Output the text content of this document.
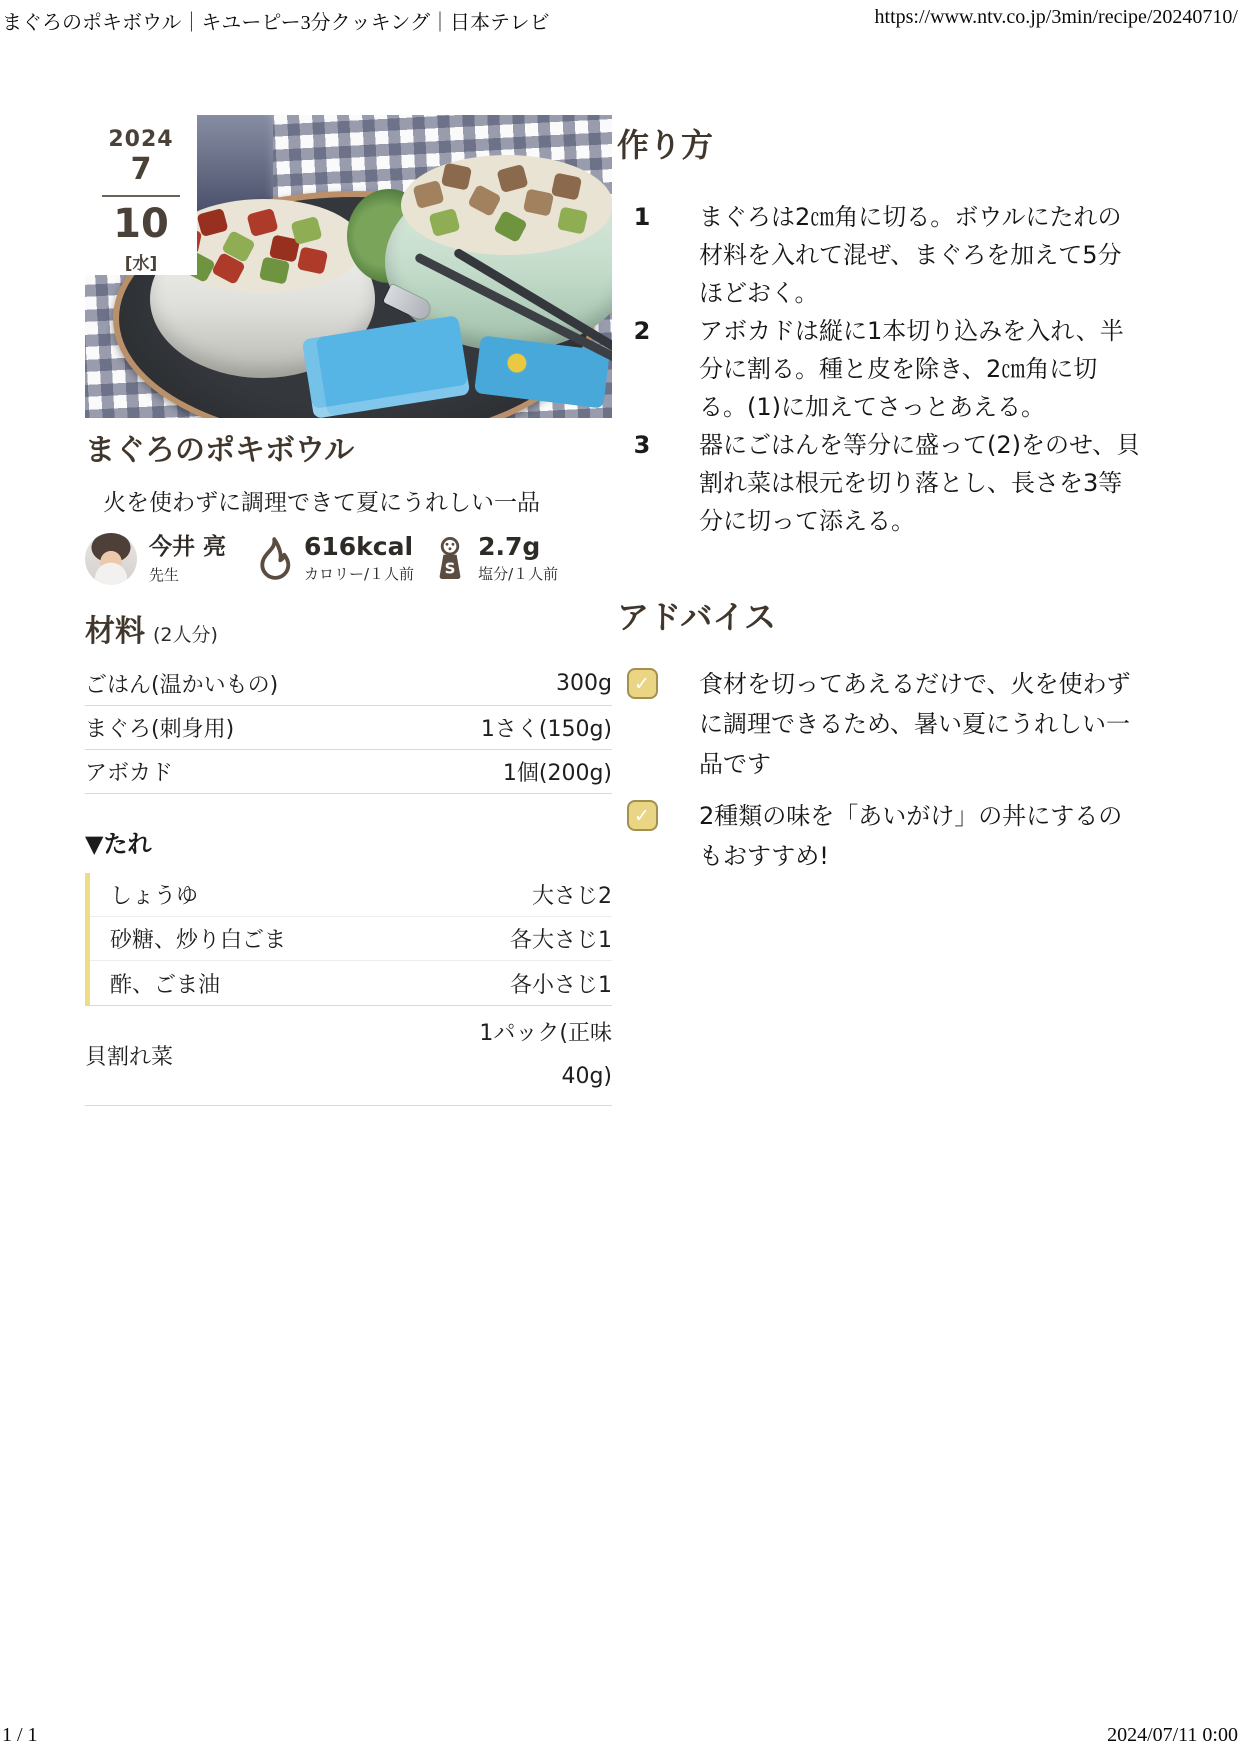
まぐろのポキボウル｜キユーピー3分クッキング｜日本テレビ	https://www.ntv.co.jp/3min/recipe/20240710/
2024
7
10
[水]
まぐろのポキボウル

火を使わずに調理できて夏にうれしい一品

今井 亮
先生
616kcal
カロリー/１人前	S
2.7g
塩分/１人前
材料 (2人分)
ごはん(温かいもの)	300g
まぐろ(刺身用)	1さく(150g)
アボカド	1個(200g)
▼たれ
しょうゆ	大さじ2
砂糖、炒り白ごま	各大さじ1
酢、ごま油	各小さじ1
貝割れ菜
1パック(正味 40g)
作り方
1	まぐろは2㎝角に切る。ボウルにたれの材料を入れて混ぜ、まぐろを加えて5分ほどおく。
2	アボカドは縦に1本切り込みを入れ、半分に割る。種と皮を除き、2㎝角に切る。(1)に加えてさっとあえる。
3	器にごはんを等分に盛って(2)をのせ、貝割れ菜は根元を切り落とし、長さを3等分に切って添える。
アドバイス
✓	食材を切ってあえるだけで、火を使わずに調理できるため、暑い夏にうれしい一品です
✓	2種類の味を「あいがけ」の丼にするのもおすすめ!
1 / 1	2024/07/11 0:00
